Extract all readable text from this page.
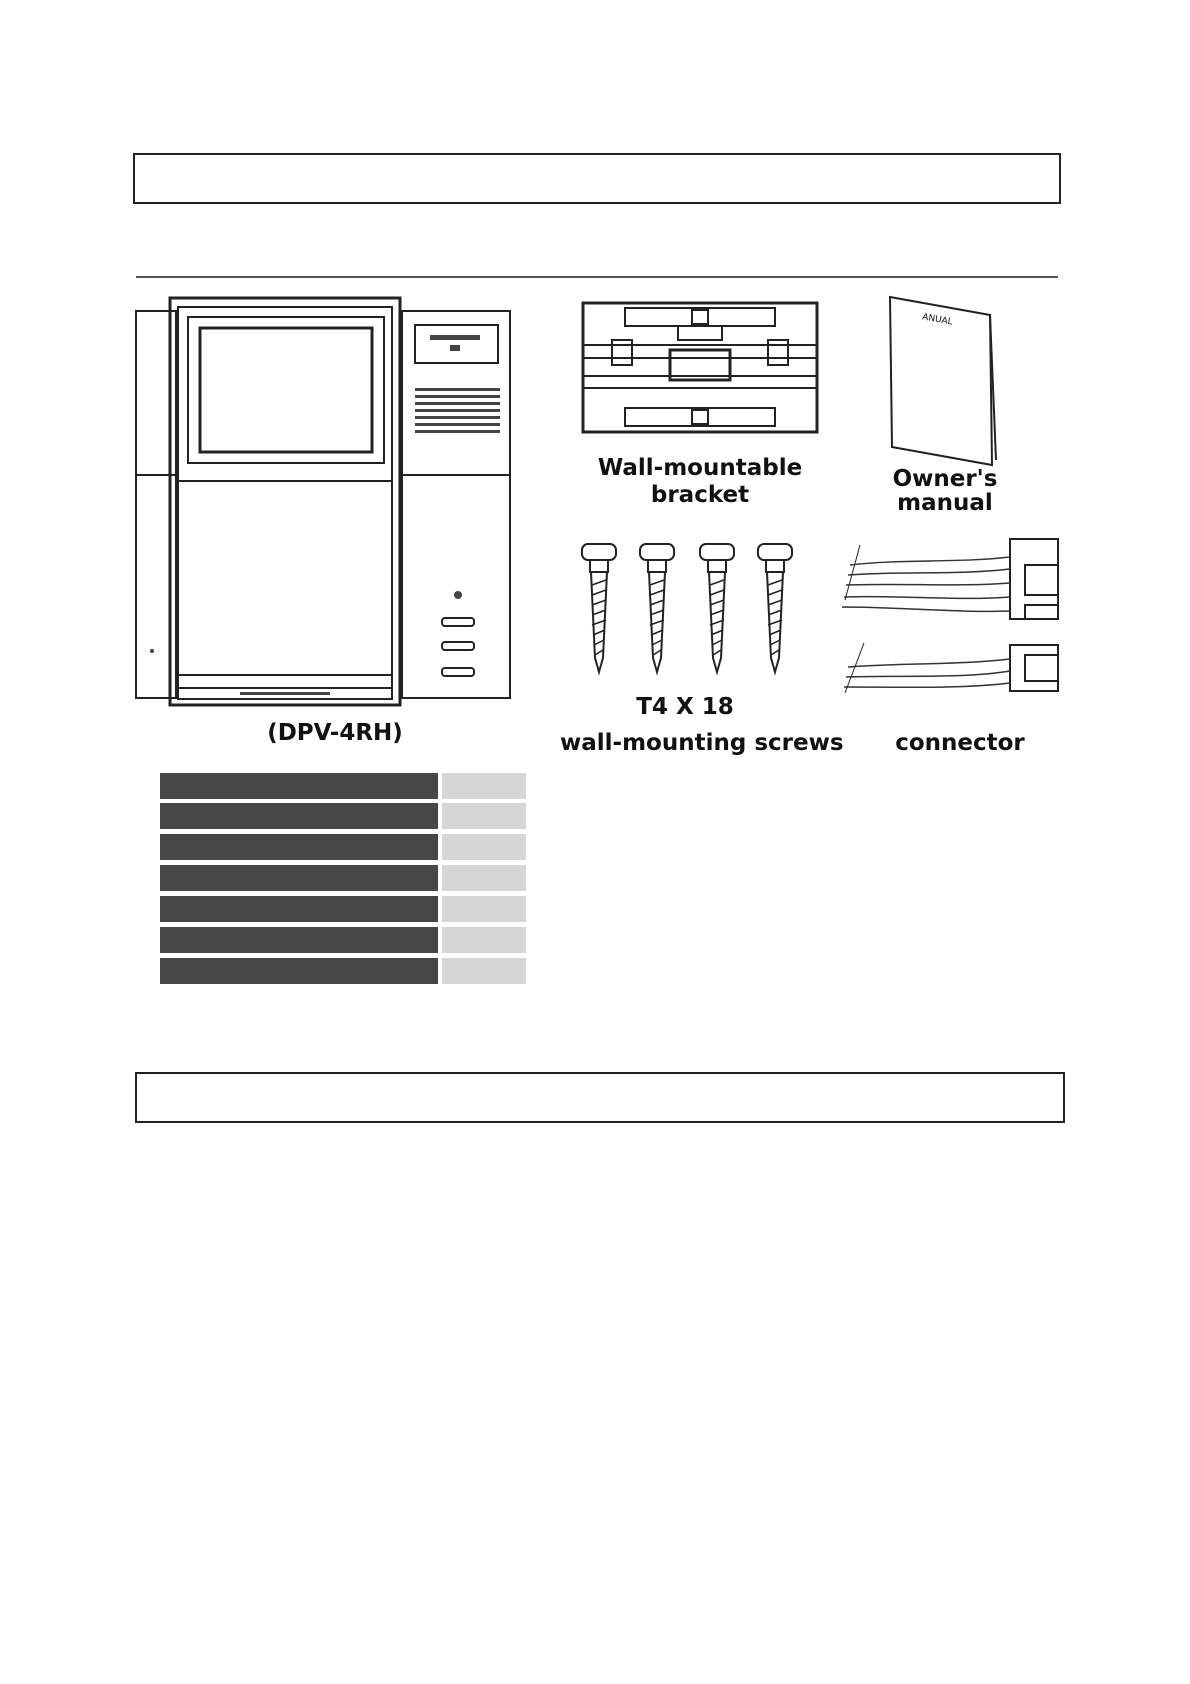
(DPV-4RH)
Wall-mountable
bracket
ANUAL
Owner's
manual
T4 X 18
wall-mounting screws	connector
